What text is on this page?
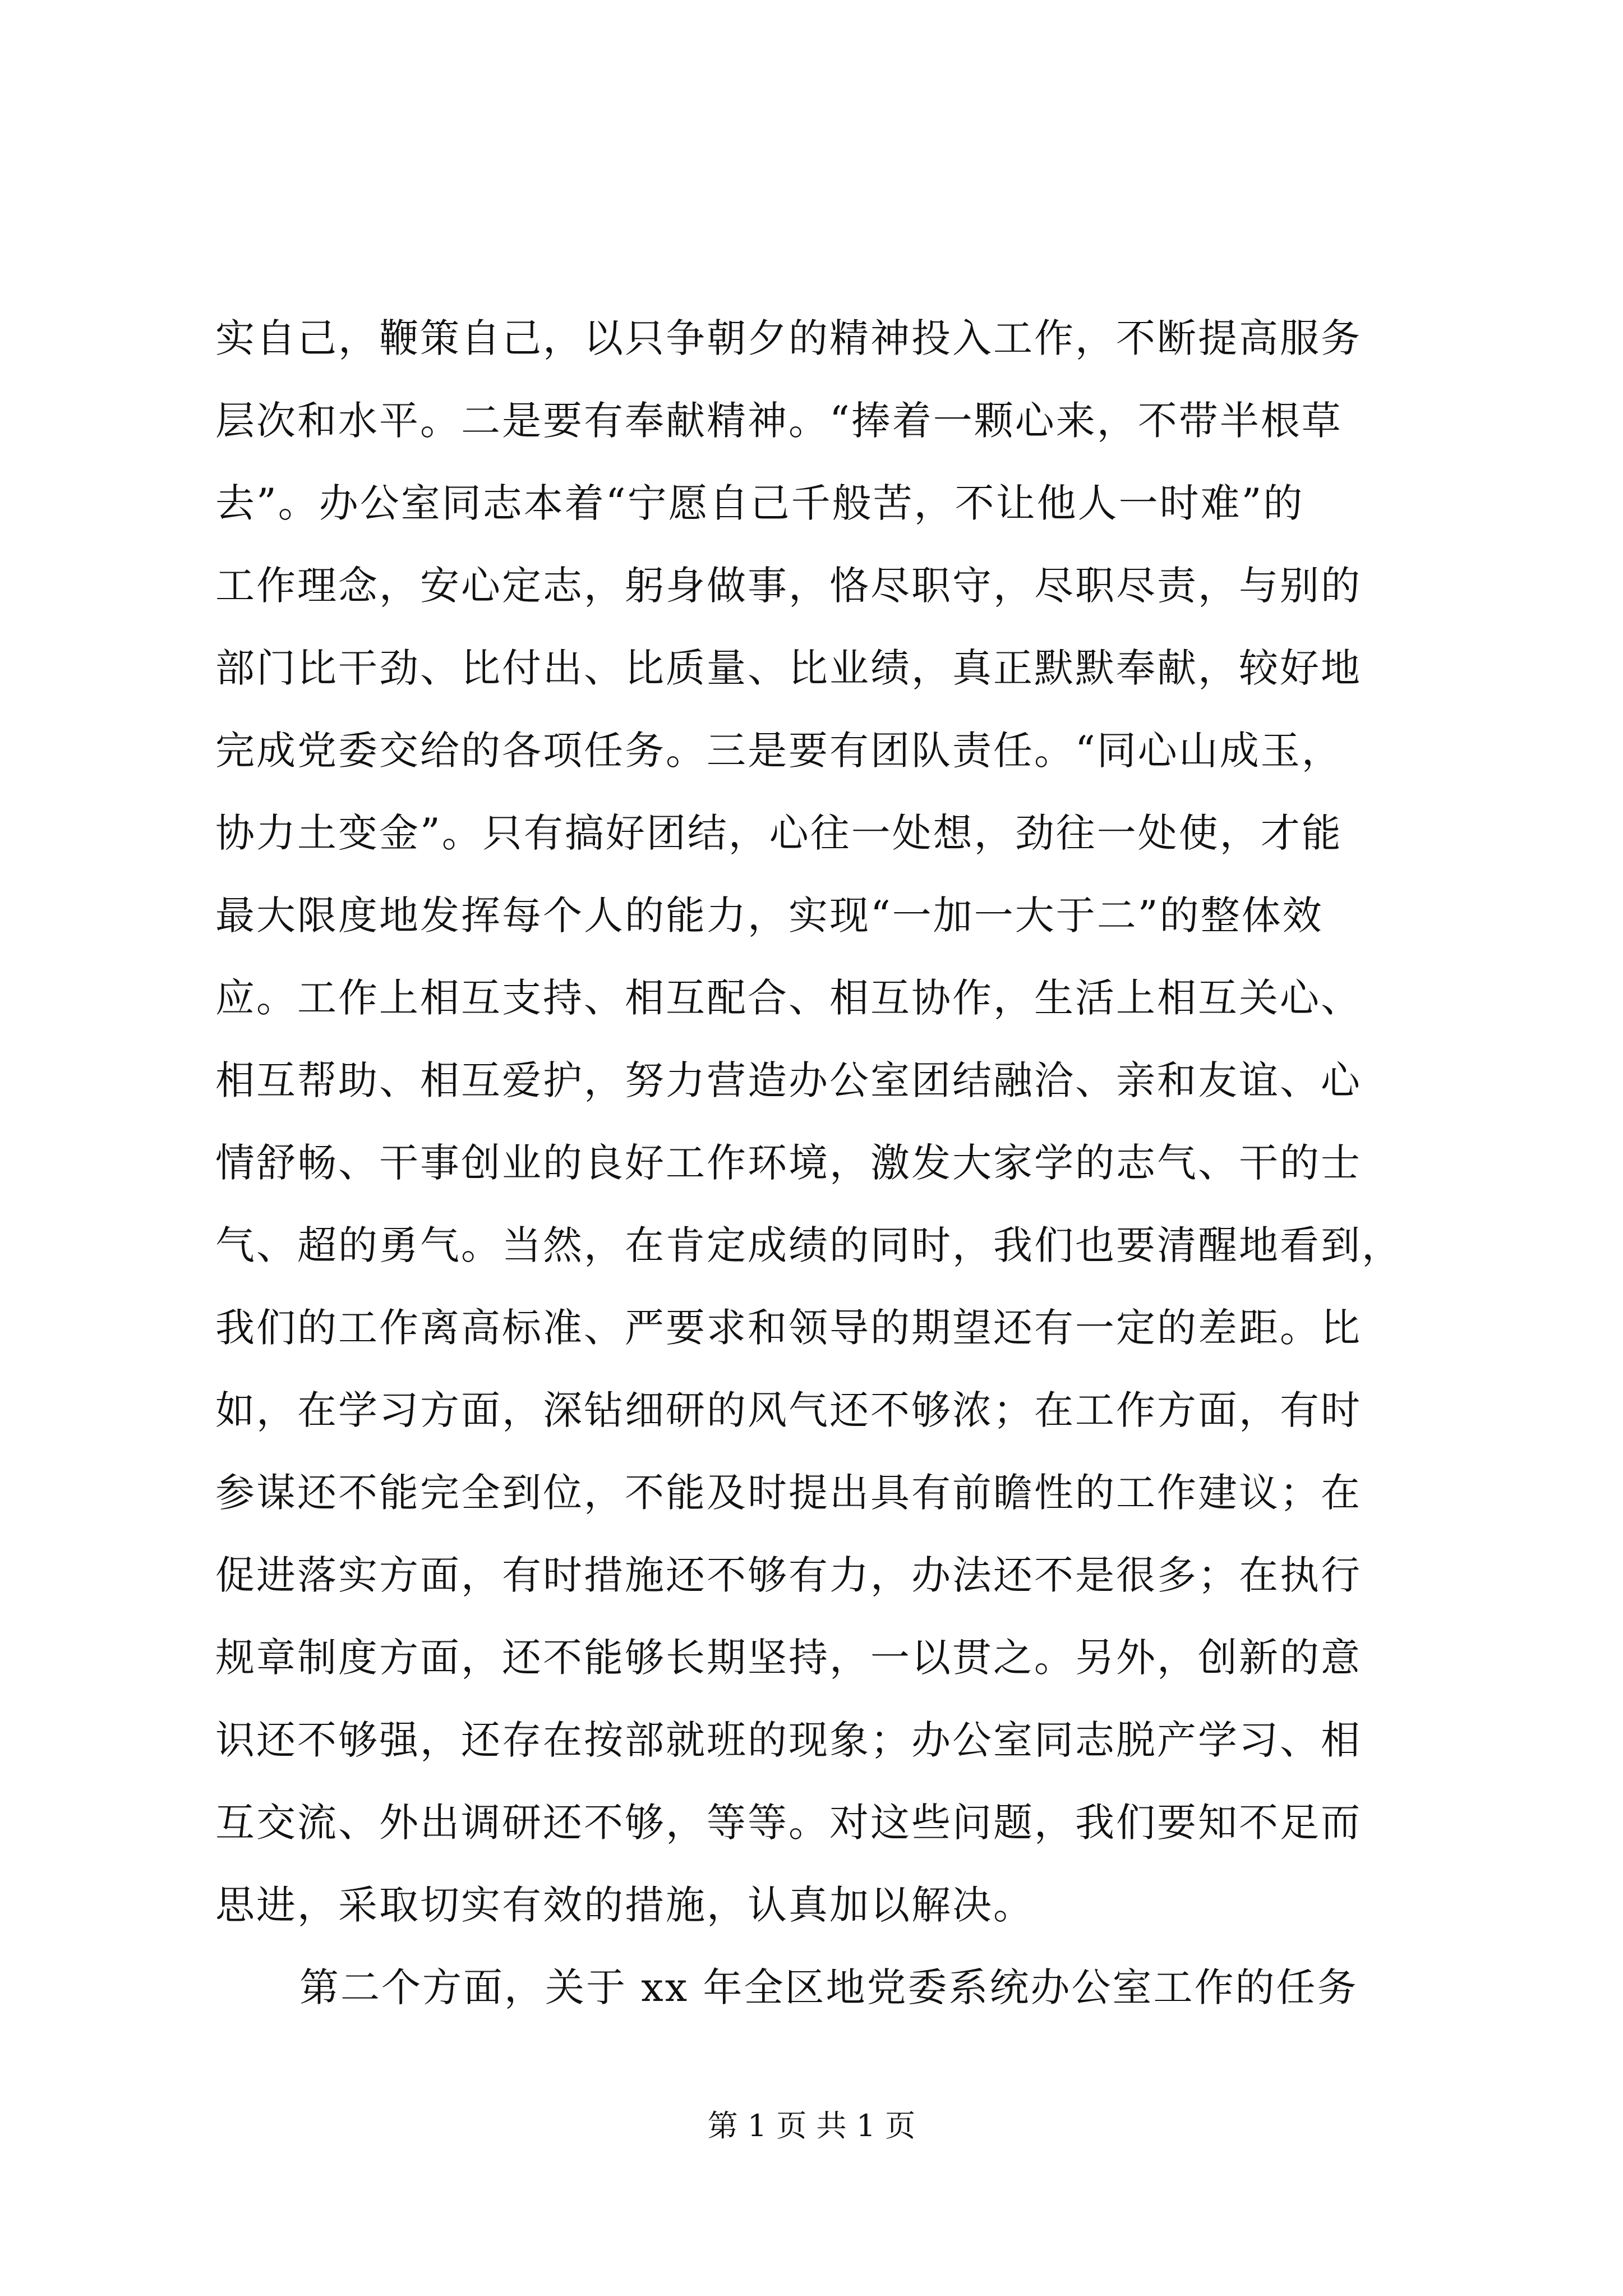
实自己，鞭策自己，以只争朝夕的精神投入工作，不断提高服务
层次和水平。二是要有奉献精神。“捧着一颗心来，不带半根草
去”。办公室同志本着“宁愿自己千般苦，不让他人一时难”的
工作理念，安心定志，躬身做事，恪尽职守，尽职尽责，与别的
部门比干劲、比付出、比质量、比业绩，真正默默奉献，较好地
完成党委交给的各项任务。三是要有团队责任。“同心山成玉，
协力土变金”。只有搞好团结，心往一处想，劲往一处使，才能
最大限度地发挥每个人的能力，实现“一加一大于二”的整体效
应。工作上相互支持、相互配合、相互协作，生活上相互关心、
相互帮助、相互爱护，努力营造办公室团结融洽、亲和友谊、心
情舒畅、干事创业的良好工作环境，激发大家学的志气、干的士
气、超的勇气。当然，在肯定成绩的同时，我们也要清醒地看到，
我们的工作离高标准、严要求和领导的期望还有一定的差距。比
如，在学习方面，深钻细研的风气还不够浓；在工作方面，有时
参谋还不能完全到位，不能及时提出具有前瞻性的工作建议；在
促进落实方面，有时措施还不够有力，办法还不是很多；在执行
规章制度方面，还不能够长期坚持，一以贯之。另外，创新的意
识还不够强，还存在按部就班的现象；办公室同志脱产学习、相
互交流、外出调研还不够，等等。对这些问题，我们要知不足而
思进，采取切实有效的措施，认真加以解决。
第二个方面，关于 xx 年全区地党委系统办公室工作的任务
第 1 页 共 1 页
